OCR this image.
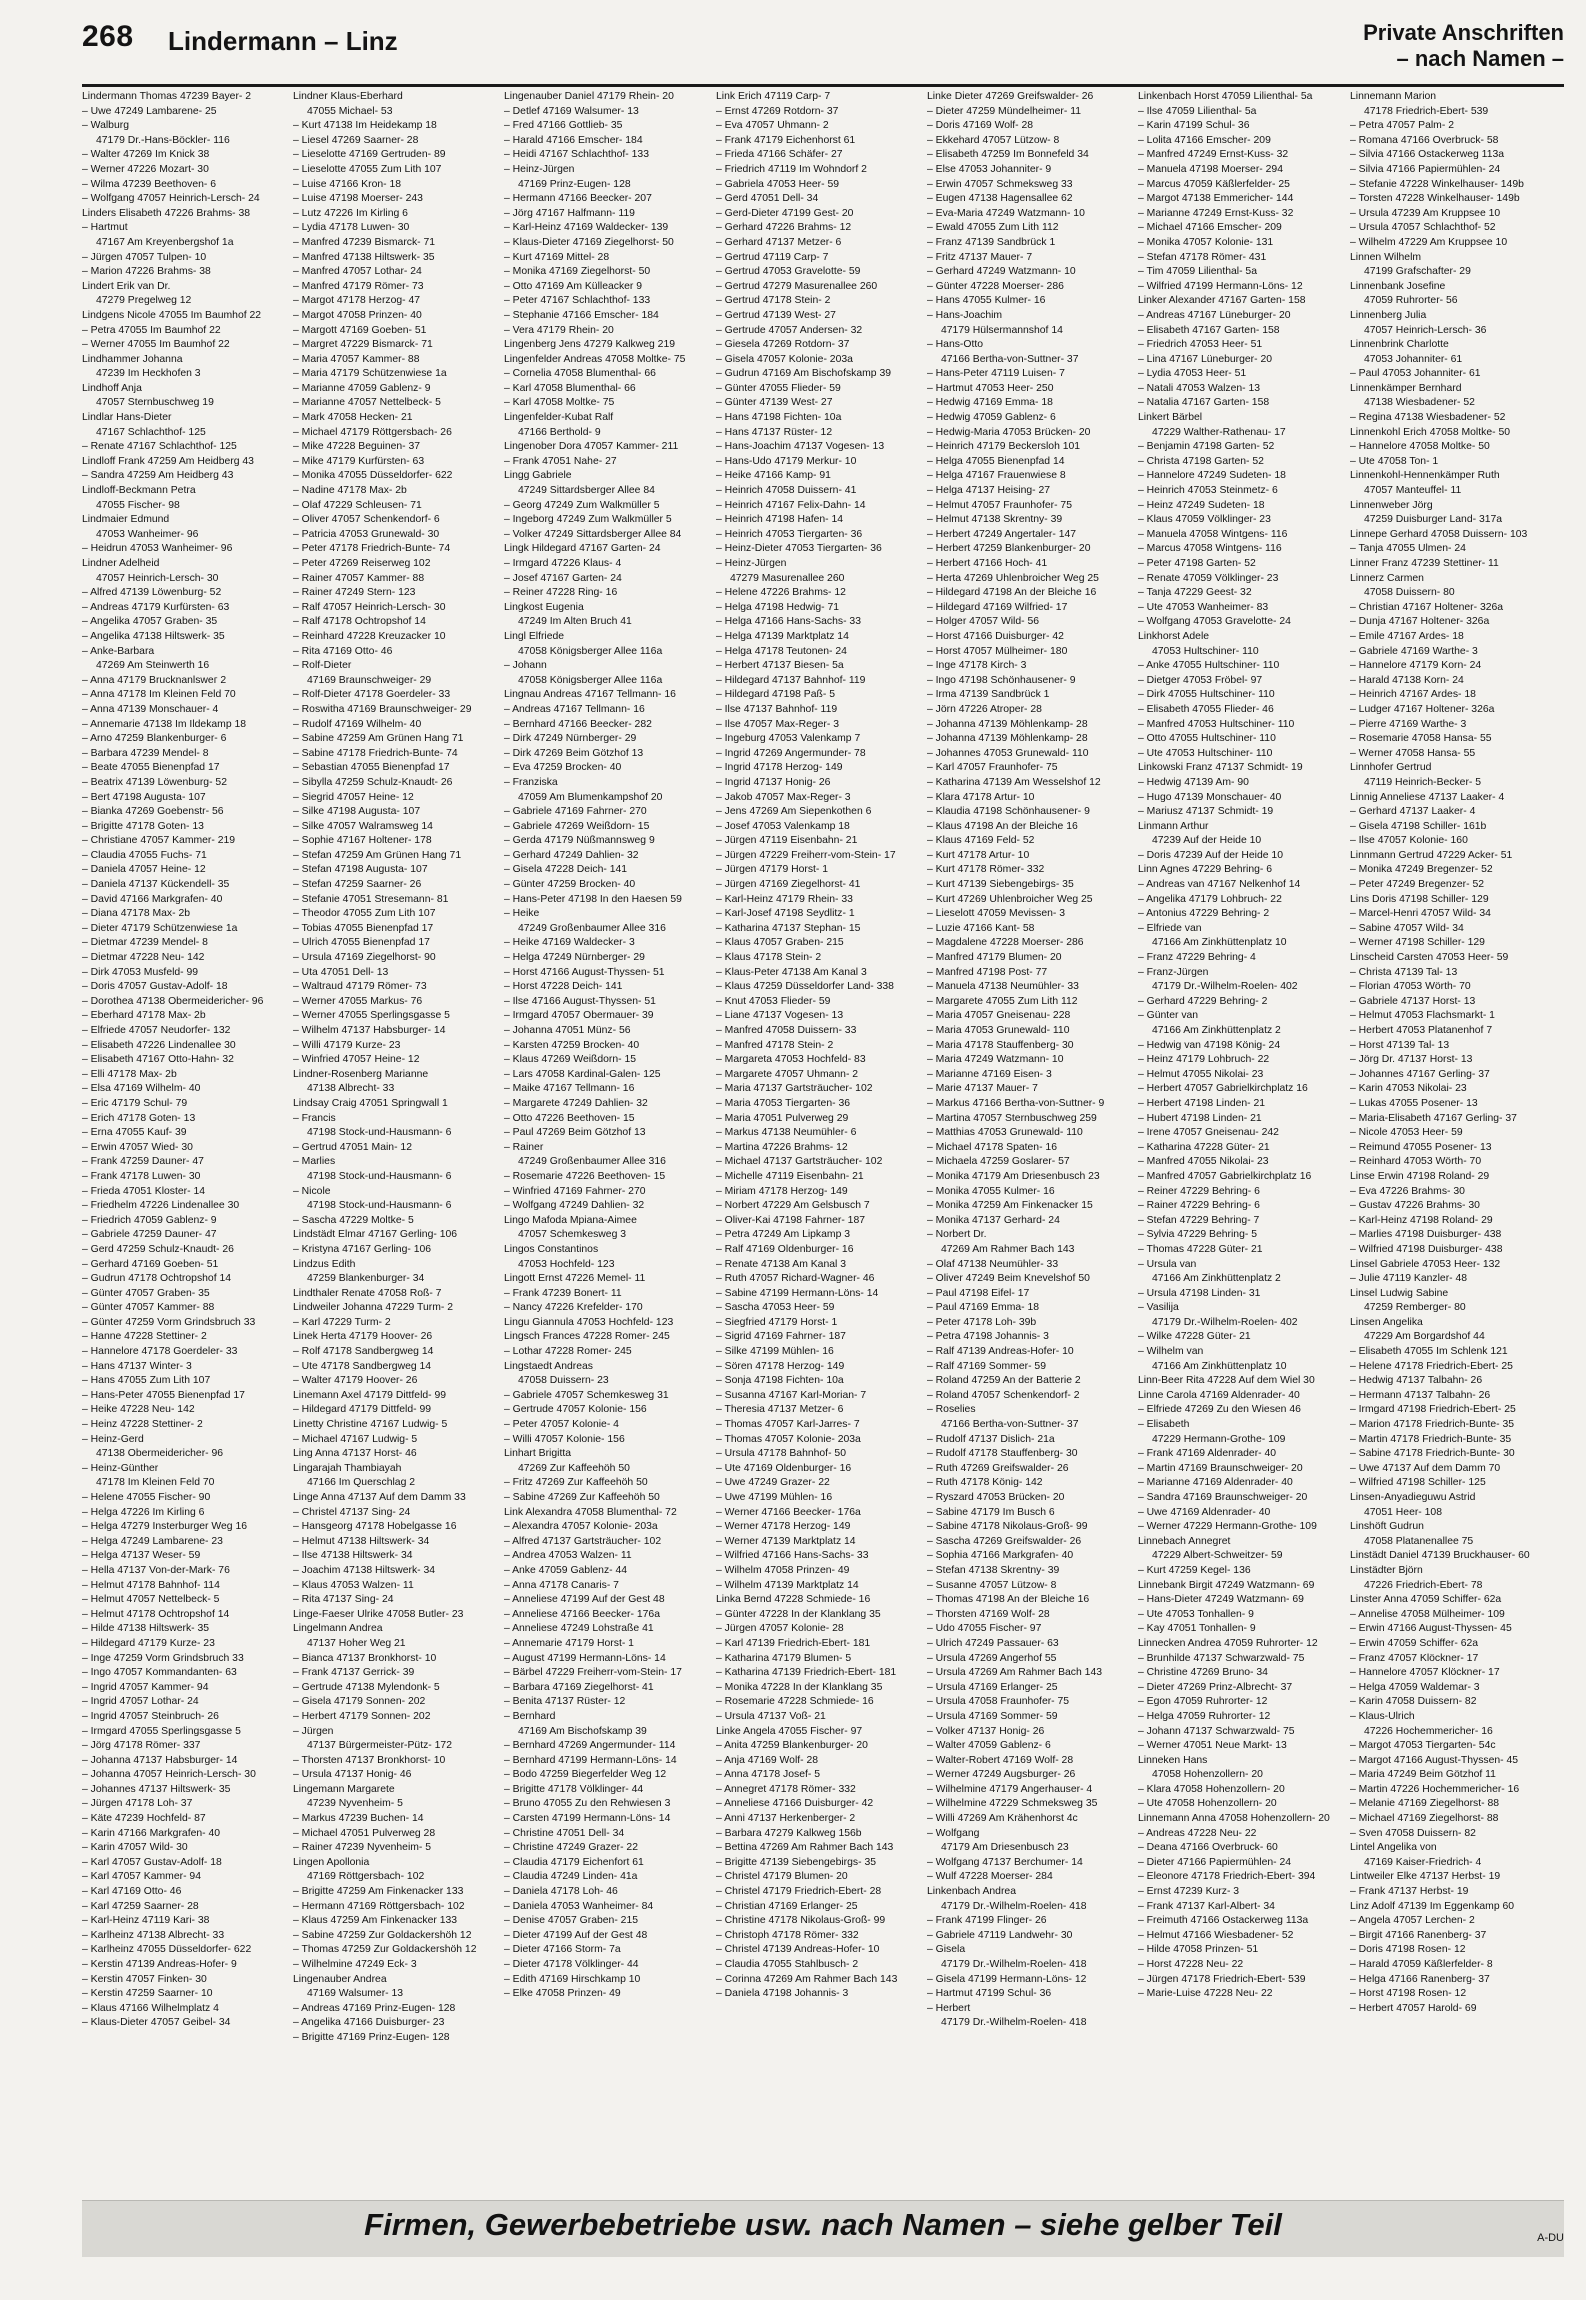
268 Lindermann – Linz	Private Anschriften
– nach Namen –
Lindermann Thomas 47239 Bayer- 2
– Uwe 47249 Lambarene- 25
– Walburg
47179 Dr.-Hans-Böckler- 116
– Walter 47269 Im Knick 38
– Werner 47226 Mozart- 30
– Wilma 47239 Beethoven- 6
– Wolfgang 47057 Heinrich-Lersch- 24
Linders Elisabeth 47226 Brahms- 38
– Hartmut
47167 Am Kreyenbergshof 1a
– Jürgen 47057 Tulpen- 10
– Marion 47226 Brahms- 38
Lindert Erik van Dr.
47279 Pregelweg 12
Lindgens Nicole 47055 Im Baumhof 22
– Petra 47055 Im Baumhof 22
– Werner 47055 Im Baumhof 22
Lindhammer Johanna
47239 Im Heckhofen 3
Lindhoff Anja
47057 Sternbuschweg 19
Lindlar Hans-Dieter
47167 Schlachthof- 125
– Renate 47167 Schlachthof- 125
Lindloff Frank 47259 Am Heidberg 43
– Sandra 47259 Am Heidberg 43
Lindloff-Beckmann Petra
47055 Fischer- 98
Lindmaier Edmund
47053 Wanheimer- 96
– Heidrun 47053 Wanheimer- 96
Lindner Adelheid
47057 Heinrich-Lersch- 30
– Alfred 47139 Löwenburg- 52
– Andreas 47179 Kurfürsten- 63
– Angelika 47057 Graben- 35
– Angelika 47138 Hiltswerk- 35
– Anke-Barbara
47269 Am Steinwerth 16
– Anna 47179 Brucknanlswег 2
– Anna 47178 Im Kleinen Feld 70
– Anna 47139 Monschauer- 4
– Annemarie 47138 Im Ildekamp 18
– Arno 47259 Blankenburger- 6
– Barbara 47239 Mendel- 8
– Beate 47055 Bienenpfad 17
– Beatrix 47139 Löwenburg- 52
– Bert 47198 Augusta- 107
– Bianka 47269 Goebenstr- 56
– Brigitte 47178 Goten- 13
– Christiane 47057 Kammer- 219
– Claudia 47055 Fuchs- 71
– Daniela 47057 Heine- 12
– Daniela 47137 Kückendell- 35
– David 47166 Markgrafen- 40
– Diana 47178 Max- 2b
– Dieter 47179 Schützenwiese 1a
– Dietmar 47239 Mendel- 8
– Dietmar 47228 Neu- 142
– Dirk 47053 Musfeld- 99
– Doris 47057 Gustav-Adolf- 18
– Dorothea 47138 Obermeidericher- 96
– Eberhard 47178 Max- 2b
– Elfriede 47057 Neudorfer- 132
– Elisabeth 47226 Lindenallee 30
– Elisabeth 47167 Otto-Hahn- 32
– Elli 47178 Max- 2b
– Elsa 47169 Wilhelm- 40
– Eric 47179 Schul- 79
– Erich 47178 Goten- 13
– Erna 47055 Kauf- 39
– Erwin 47057 Wied- 30
– Frank 47259 Dauner- 47
– Frank 47178 Luwen- 30
– Frieda 47051 Kloster- 14
– Friedhelm 47226 Lindenallee 30
– Friedrich 47059 Gablenz- 9
– Gabriele 47259 Dauner- 47
– Gerd 47259 Schulz-Knaudt- 26
– Gerhard 47169 Goeben- 51
– Gudrun 47178 Ochtropshof 14
– Günter 47057 Graben- 35
– Günter 47057 Kammer- 88
– Günter 47259 Vorm Grindsbruch 33
– Hanne 47228 Stettiner- 2
– Hannelore 47178 Goerdeler- 33
– Hans 47137 Winter- 3
– Hans 47055 Zum Lith 107
– Hans-Peter 47055 Bienenpfad 17
– Heike 47228 Neu- 142
– Heinz 47228 Stettiner- 2
– Heinz-Gerd
47138 Obermeidericher- 96
– Heinz-Günther
47178 Im Kleinen Feld 70
– Helene 47055 Fischer- 90
– Helga 47226 Im Kirling 6
– Helga 47279 Insterburger Weg 16
– Helga 47249 Lambarene- 23
– Helga 47137 Weser- 59
– Hella 47137 Von-der-Mark- 76
– Helmut 47178 Bahnhof- 114
– Helmut 47057 Nettelbeck- 5
– Helmut 47178 Ochtropshof 14
– Hilde 47138 Hiltswerk- 35
– Hildegard 47179 Kurze- 23
– Inge 47259 Vorm Grindsbruch 33
– Ingo 47057 Kommandanten- 63
– Ingrid 47057 Kammer- 94
– Ingrid 47057 Lothar- 24
– Ingrid 47057 Steinbruch- 26
– Irmgard 47055 Sperlingsgasse 5
– Jörg 47178 Römer- 337
– Johanna 47137 Habsburger- 14
– Johanna 47057 Heinrich-Lersch- 30
– Johannes 47137 Hiltswerk- 35
– Jürgen 47178 Loh- 37
– Käte 47239 Hochfeld- 87
– Karin 47166 Markgrafen- 40
– Karin 47057 Wild- 30
– Karl 47057 Gustav-Adolf- 18
– Karl 47057 Kammer- 94
– Karl 47169 Otto- 46
– Karl 47259 Saarner- 28
– Karl-Heinz 47119 Kari- 38
– Karlheinz 47138 Albrecht- 33
– Karlheinz 47055 Düsseldorfer- 622
– Kerstin 47139 Andreas-Hofer- 9
– Kerstin 47057 Finken- 30
– Kerstin 47259 Saarner- 10
– Klaus 47166 Wilhelmplatz 4
– Klaus-Dieter 47057 Geibel- 34
Lindner Klaus-Eberhard
47055 Michael- 53
– Kurt 47138 Im Heidekamp 18
– Liesel 47269 Saarner- 28
– Lieselotte 47169 Gertruden- 89
– Lieselotte 47055 Zum Lith 107
– Luise 47166 Kron- 18
– Luise 47198 Moerser- 243
– Lutz 47226 Im Kirling 6
– Lydia 47178 Luwen- 30
– Manfred 47239 Bismarck- 71
– Manfred 47138 Hiltswerk- 35
– Manfred 47057 Lothar- 24
– Manfred 47179 Römer- 73
– Margot 47178 Herzog- 47
– Margot 47058 Prinzen- 40
– Margott 47169 Goeben- 51
– Margret 47229 Bismarck- 71
– Maria 47057 Kammer- 88
– Maria 47179 Schützenwiese 1a
– Marianne 47059 Gablenz- 9
– Marianne 47057 Nettelbeck- 5
– Mark 47058 Hecken- 21
– Michael 47179 Röttgersbach- 26
– Mike 47228 Beguinen- 37
– Mike 47179 Kurfürsten- 63
– Monika 47055 Düsseldorfer- 622
– Nadine 47178 Max- 2b
– Olaf 47229 Schleusen- 71
– Oliver 47057 Schenkendorf- 6
– Patricia 47053 Grunewald- 30
– Peter 47178 Friedrich-Bunte- 74
– Peter 47269 Reiserweg 102
– Rainer 47057 Kammer- 88
– Rainer 47249 Stern- 123
– Ralf 47057 Heinrich-Lersch- 30
– Ralf 47178 Ochtropshof 14
– Reinhard 47228 Kreuzacker 10
– Rita 47169 Otto- 46
– Rolf-Dieter
47169 Braunschweiger- 29
– Rolf-Dieter 47178 Goerdeler- 33
– Roswitha 47169 Braunschweiger- 29
– Rudolf 47169 Wilhelm- 40
– Sabine 47259 Am Grünen Hang 71
– Sabine 47178 Friedrich-Bunte- 74
– Sebastian 47055 Bienenpfad 17
– Sibylla 47259 Schulz-Knaudt- 26
– Siegrid 47057 Heine- 12
– Silke 47198 Augusta- 107
– Silke 47057 Walramsweg 14
– Sophie 47167 Holtener- 178
– Stefan 47259 Am Grünen Hang 71
– Stefan 47198 Augusta- 107
– Stefan 47259 Saarner- 26
– Stefanie 47051 Stresemann- 81
– Theodor 47055 Zum Lith 107
– Tobias 47055 Bienenpfad 17
– Ulrich 47055 Bienenpfad 17
– Ursula 47169 Ziegelhorst- 90
– Uta 47051 Dell- 13
– Waltraud 47179 Römer- 73
– Werner 47055 Markus- 76
– Werner 47055 Sperlingsgasse 5
– Wilhelm 47137 Habsburger- 14
– Willi 47179 Kurze- 23
– Winfried 47057 Heine- 12
Lindner-Rosenberg Marianne
47138 Albrecht- 33
Lindsay Craig 47051 Springwall 1
– Francis
47198 Stock-und-Hausmann- 6
– Gertrud 47051 Main- 12
– Marlies
47198 Stock-und-Hausmann- 6
– Nicole
47198 Stock-und-Hausmann- 6
– Sascha 47229 Moltke- 5
Lindstädt Elmar 47167 Gerling- 106
– Kristyna 47167 Gerling- 106
Lindzus Edith
47259 Blankenburger- 34
Lindthaler Renate 47058 Roß- 7
Lindweiler Johanna 47229 Turm- 2
– Karl 47229 Turm- 2
Linek Herta 47179 Hoover- 26
– Rolf 47178 Sandbergweg 14
– Ute 47178 Sandbergweg 14
– Walter 47179 Hoover- 26
Linemann Axel 47179 Dittfeld- 99
– Hildegard 47179 Dittfeld- 99
Linetty Christine 47167 Ludwig- 5
– Michael 47167 Ludwig- 5
Ling Anna 47137 Horst- 46
Lingarajah Thambiayah
47166 Im Querschlag 2
Linge Anna 47137 Auf dem Damm 33
– Christel 47137 Sing- 24
– Hansgeorg 47178 Hobelgasse 16
– Helmut 47138 Hiltswerk- 34
– Ilse 47138 Hiltswerk- 34
– Joachim 47138 Hiltswerk- 34
– Klaus 47053 Walzen- 11
– Rita 47137 Sing- 24
Linge-Faeser Ulrike 47058 Butler- 23
Lingelmann Andrea
47137 Hoher Weg 21
– Bianca 47137 Bronkhorst- 10
– Frank 47137 Gerrick- 39
– Gertrude 47138 Mylendonk- 5
– Gisela 47179 Sonnen- 202
– Herbert 47179 Sonnen- 202
– Jürgen
47137 Bürgermeister-Pütz- 172
– Thorsten 47137 Bronkhorst- 10
– Ursula 47137 Honig- 46
Lingemann Margarete
47239 Nyvenheim- 5
– Markus 47239 Buchen- 14
– Michael 47051 Pulverweg 28
– Rainer 47239 Nyvenheim- 5
Lingen Apollonia
47169 Röttgersbach- 102
– Brigitte 47259 Am Finkenacker 133
– Hermann 47169 Röttgersbach- 102
– Klaus 47259 Am Finkenacker 133
– Sabine 47259 Zur Goldackershöh 12
– Thomas 47259 Zur Goldackershöh 12
– Wilhelmine 47249 Eck- 3
Lingenauber Andrea
47169 Walsumer- 13
– Andreas 47169 Prinz-Eugen- 128
– Angelika 47166 Duisburger- 23
– Brigitte 47169 Prinz-Eugen- 128
Lingenauber Daniel 47179 Rhein- 20
– Detlef 47169 Walsumer- 13
– Fred 47166 Gottlieb- 35
– Harald 47166 Emscher- 184
– Heidi 47167 Schlachthof- 133
– Heinz-Jürgen
47169 Prinz-Eugen- 128
– Hermann 47166 Beecker- 207
– Jörg 47167 Halfmann- 119
– Karl-Heinz 47169 Waldecker- 139
– Klaus-Dieter 47169 Ziegelhorst- 50
– Kurt 47169 Mittel- 28
– Monika 47169 Ziegelhorst- 50
– Otto 47169 Am Külleacker 9
– Peter 47167 Schlachthof- 133
– Stephanie 47166 Emscher- 184
– Vera 47179 Rhein- 20
Lingenberg Jens 47279 Kalkweg 219
Lingenfelder Andreas 47058 Moltke- 75
– Cornelia 47058 Blumenthal- 66
– Karl 47058 Blumenthal- 66
– Karl 47058 Moltke- 75
Lingenfelder-Kubat Ralf
47166 Berthold- 9
Lingenober Dora 47057 Kammer- 211
– Frank 47051 Nahe- 27
Lingg Gabriele
47249 Sittardsberger Allee 84
– Georg 47249 Zum Walkmüller 5
– Ingeborg 47249 Zum Walkmüller 5
– Volker 47249 Sittardsberger Allee 84
Lingk Hildegard 47167 Garten- 24
– Irmgard 47226 Klaus- 4
– Josef 47167 Garten- 24
– Reiner 47228 Ring- 16
Lingkost Eugenia
47249 Im Alten Bruch 41
Lingl Elfriede
47058 Königsberger Allee 116a
– Johann
47058 Königsberger Allee 116a
Lingnau Andreas 47167 Tellmann- 16
– Andreas 47167 Tellmann- 16
– Bernhard 47166 Beecker- 282
– Dirk 47249 Nürnberger- 29
– Dirk 47269 Beim Götzhof 13
– Eva 47259 Brocken- 40
– Franziska
47059 Am Blumenkampshof 20
– Gabriele 47169 Fahrner- 270
– Gabriele 47269 Weißdorn- 15
– Gerda 47179 Nüßmannsweg 9
– Gerhard 47249 Dahlien- 32
– Gisela 47228 Deich- 141
– Günter 47259 Brocken- 40
– Hans-Peter 47198 In den Haesen 59
– Heike
47249 Großenbaumer Allee 316
– Heike 47169 Waldecker- 3
– Helga 47249 Nürnberger- 29
– Horst 47166 August-Thyssen- 51
– Horst 47228 Deich- 141
– Ilse 47166 August-Thyssen- 51
– Irmgard 47057 Obermauer- 39
– Johanna 47051 Münz- 56
– Karsten 47259 Brocken- 40
– Klaus 47269 Weißdorn- 15
– Lars 47058 Kardinal-Galen- 125
– Maike 47167 Tellmann- 16
– Margarete 47249 Dahlien- 32
– Otto 47226 Beethoven- 15
– Paul 47269 Beim Götzhof 13
– Rainer
47249 Großenbaumer Allee 316
– Rosemarie 47226 Beethoven- 15
– Winfried 47169 Fahrner- 270
– Wolfgang 47249 Dahlien- 32
Lingo Mafoda Mpiana-Aimee
47057 Schemkesweg 3
Lingos Constantinos
47053 Hochfeld- 123
Lingott Ernst 47226 Memel- 11
– Frank 47239 Bonert- 11
– Nancy 47226 Krefelder- 170
Lingu Giannula 47053 Hochfeld- 123
Lingsch Frances 47228 Romer- 245
– Lothar 47228 Romer- 245
Lingstaedt Andreas
47058 Duissern- 23
– Gabriele 47057 Schemkesweg 31
– Gertrude 47057 Kolonie- 156
– Peter 47057 Kolonie- 4
– Willi 47057 Kolonie- 156
Linhart Brigitta
47269 Zur Kaffeehöh 50
– Fritz 47269 Zur Kaffeehöh 50
– Sabine 47269 Zur Kaffeehöh 50
Link Alexandra 47058 Blumenthal- 72
– Alexandra 47057 Kolonie- 203a
– Alfred 47137 Gartsträucher- 102
– Andrea 47053 Walzen- 11
– Anke 47059 Gablenz- 44
– Anna 47178 Canaris- 7
– Anneliese 47199 Auf der Gest 48
– Anneliese 47166 Beecker- 176a
– Anneliese 47249 Lohstraße 41
– Annemarie 47179 Horst- 1
– August 47199 Hermann-Löns- 14
– Bärbel 47229 Freiherr-vom-Stein- 17
– Barbara 47169 Ziegelhorst- 41
– Benita 47137 Rüster- 12
– Bernhard
47169 Am Bischofskamp 39
– Bernhard 47269 Angermunder- 114
– Bernhard 47199 Hermann-Löns- 14
– Bodo 47259 Biegerfelder Weg 12
– Brigitte 47178 Völklinger- 44
– Bruno 47055 Zu den Rehwiesen 3
– Carsten 47199 Hermann-Löns- 14
– Christine 47051 Dell- 34
– Christine 47249 Grazer- 22
– Claudia 47179 Eichenfort 61
– Claudia 47249 Linden- 41a
– Daniela 47178 Loh- 46
– Daniela 47053 Wanheimer- 84
– Denise 47057 Graben- 215
– Dieter 47199 Auf der Gest 48
– Dieter 47166 Storm- 7a
– Dieter 47178 Völklinger- 44
– Edith 47169 Hirschkamp 10
– Elke 47058 Prinzen- 49
Link Erich 47119 Carp- 7
– Ernst 47269 Rotdorn- 37
– Eva 47057 Uhmann- 2
– Frank 47179 Eichenhorst 61
– Frieda 47166 Schäfer- 27
– Friedrich 47119 Im Wohndorf 2
– Gabriela 47053 Heer- 59
– Gerd 47051 Dell- 34
– Gerd-Dieter 47199 Gest- 20
– Gerhard 47226 Brahms- 12
– Gerhard 47137 Metzer- 6
– Gertrud 47119 Carp- 7
– Gertrud 47053 Gravelotte- 59
– Gertrud 47279 Masurenallee 260
– Gertrud 47178 Stein- 2
– Gertrud 47139 West- 27
– Gertrude 47057 Andersen- 32
– Giesela 47269 Rotdorn- 37
– Gisela 47057 Kolonie- 203a
– Gudrun 47169 Am Bischofskamp 39
– Günter 47055 Flieder- 59
– Günter 47139 West- 27
– Hans 47198 Fichten- 10a
– Hans 47137 Rüster- 12
– Hans-Joachim 47137 Vogesen- 13
– Hans-Udo 47179 Merkur- 10
– Heike 47166 Kamp- 91
– Heinrich 47058 Duissern- 41
– Heinrich 47167 Felix-Dahn- 14
– Heinrich 47198 Hafen- 14
– Heinrich 47053 Tiergarten- 36
– Heinz-Dieter 47053 Tiergarten- 36
– Heinz-Jürgen
47279 Masurenallee 260
– Helene 47226 Brahms- 12
– Helga 47198 Hedwig- 71
– Helga 47166 Hans-Sachs- 33
– Helga 47139 Marktplatz 14
– Helga 47178 Teutonen- 24
– Herbert 47137 Biesen- 5a
– Hildegard 47137 Bahnhof- 119
– Hildegard 47198 Paß- 5
– Ilse 47137 Bahnhof- 119
– Ilse 47057 Max-Reger- 3
– Ingeburg 47053 Valenkamp 7
– Ingrid 47269 Angermunder- 78
– Ingrid 47178 Herzog- 149
– Ingrid 47137 Honig- 26
– Jakob 47057 Max-Reger- 3
– Jens 47269 Am Siepenkothen 6
– Josef 47053 Valenkamp 18
– Jürgen 47119 Eisenbahn- 21
– Jürgen 47229 Freiherr-vom-Stein- 17
– Jürgen 47179 Horst- 1
– Jürgen 47169 Ziegelhorst- 41
– Karl-Heinz 47179 Rhein- 33
– Karl-Josef 47198 Seydlitz- 1
– Katharina 47137 Stephan- 15
– Klaus 47057 Graben- 215
– Klaus 47178 Stein- 2
– Klaus-Peter 47138 Am Kanal 3
– Klaus 47259 Düsseldorfer Land- 338
– Knut 47053 Flieder- 59
– Liane 47137 Vogesen- 13
– Manfred 47058 Duissern- 33
– Manfred 47178 Stein- 2
– Margareta 47053 Hochfeld- 83
– Margarete 47057 Uhmann- 2
– Maria 47137 Gartsträucher- 102
– Maria 47053 Tiergarten- 36
– Maria 47051 Pulverweg 29
– Markus 47138 Neumühler- 6
– Martina 47226 Brahms- 12
– Michael 47137 Gartsträucher- 102
– Michelle 47119 Eisenbahn- 21
– Miriam 47178 Herzog- 149
– Norbert 47229 Am Gelsbusch 7
– Oliver-Kai 47198 Fahrner- 187
– Petra 47249 Am Lipkamp 3
– Ralf 47169 Oldenburger- 16
– Renate 47138 Am Kanal 3
– Ruth 47057 Richard-Wagner- 46
– Sabine 47199 Hermann-Löns- 14
– Sascha 47053 Heer- 59
– Siegfried 47179 Horst- 1
– Sigrid 47169 Fahrner- 187
– Silke 47199 Mühlen- 16
– Sören 47178 Herzog- 149
– Sonja 47198 Fichten- 10a
– Susanna 47167 Karl-Morian- 7
– Theresia 47137 Metzer- 6
– Thomas 47057 Karl-Jarres- 7
– Thomas 47057 Kolonie- 203a
– Ursula 47178 Bahnhof- 50
– Ute 47169 Oldenburger- 16
– Uwe 47249 Grazer- 22
– Uwe 47199 Mühlen- 16
– Werner 47166 Beecker- 176a
– Werner 47178 Herzog- 149
– Werner 47139 Marktplatz 14
– Wilfried 47166 Hans-Sachs- 33
– Wilhelm 47058 Prinzen- 49
– Wilhelm 47139 Marktplatz 14
Linka Bernd 47228 Schmiede- 16
– Günter 47228 In der Klanklang 35
– Jürgen 47057 Kolonie- 28
– Karl 47139 Friedrich-Ebert- 181
– Katharina 47179 Blumen- 5
– Katharina 47139 Friedrich-Ebert- 181
– Monika 47228 In der Klanklang 35
– Rosemarie 47228 Schmiede- 16
– Ursula 47137 Voß- 21
Linke Angela 47055 Fischer- 97
– Anita 47259 Blankenburger- 20
– Anja 47169 Wolf- 28
– Anna 47178 Josef- 5
– Annegret 47178 Römer- 332
– Anneliese 47166 Duisburger- 42
– Anni 47137 Herkenberger- 2
– Barbara 47279 Kalkweg 156b
– Bettina 47269 Am Rahmer Bach 143
– Brigitte 47139 Siebengebirgs- 35
– Christel 47179 Blumen- 20
– Christel 47179 Friedrich-Ebert- 28
– Christian 47169 Erlanger- 25
– Christine 47178 Nikolaus-Groß- 99
– Christoph 47178 Römer- 332
– Christel 47139 Andreas-Hofer- 10
– Claudia 47055 Stahlbusch- 2
– Corinna 47269 Am Rahmer Bach 143
– Daniela 47198 Johannis- 3
Linke Dieter 47269 Greifswalder- 26
– Dieter 47259 Mündelheimer- 11
– Doris 47169 Wolf- 28
– Ekkehard 47057 Lützow- 8
– Elisabeth 47259 Im Bonnefeld 34
– Else 47053 Johanniter- 9
– Erwin 47057 Schmeksweg 33
– Eugen 47138 Hagensallee 62
– Eva-Maria 47249 Watzmann- 10
– Ewald 47055 Zum Lith 112
– Franz 47139 Sandbrück 1
– Fritz 47137 Mauer- 7
– Gerhard 47249 Watzmann- 10
– Günter 47228 Moerser- 286
– Hans 47055 Kulmer- 16
– Hans-Joachim
47179 Hülsermannshof 14
– Hans-Otto
47166 Bertha-von-Suttner- 37
– Hans-Peter 47119 Luisen- 7
– Hartmut 47053 Heer- 250
– Hedwig 47169 Emma- 18
– Hedwig 47059 Gablenz- 6
– Hedwig-Maria 47053 Brücken- 20
– Heinrich 47179 Beckersloh 101
– Helga 47055 Bienenpfad 14
– Helga 47167 Frauenwiese 8
– Helga 47137 Heising- 27
– Helmut 47057 Fraunhofer- 75
– Helmut 47138 Skrentny- 39
– Herbert 47249 Angertaler- 147
– Herbert 47259 Blankenburger- 20
– Herbert 47166 Hoch- 41
– Herta 47269 Uhlenbroicher Weg 25
– Hildegard 47198 An der Bleiche 16
– Hildegard 47169 Wilfried- 17
– Holger 47057 Wild- 56
– Horst 47166 Duisburger- 42
– Horst 47057 Mülheimer- 180
– Inge 47178 Kirch- 3
– Ingo 47198 Schönhausener- 9
– Irma 47139 Sandbrück 1
– Jörn 47226 Atroper- 28
– Johanna 47139 Möhlenkamp- 28
– Johanna 47139 Möhlenkamp- 28
– Johannes 47053 Grunewald- 110
– Karl 47057 Fraunhofer- 75
– Katharina 47139 Am Wesselshof 12
– Klara 47178 Artur- 10
– Klaudia 47198 Schönhausener- 9
– Klaus 47198 An der Bleiche 16
– Klaus 47169 Feld- 52
– Kurt 47178 Artur- 10
– Kurt 47178 Römer- 332
– Kurt 47139 Siebengebirgs- 35
– Kurt 47269 Uhlenbroicher Weg 25
– Lieselott 47059 Mevissen- 3
– Luzie 47166 Kant- 58
– Magdalene 47228 Moerser- 286
– Manfred 47179 Blumen- 20
– Manfred 47198 Post- 77
– Manuela 47138 Neumühler- 33
– Margarete 47055 Zum Lith 112
– Maria 47057 Gneisenau- 228
– Maria 47053 Grunewald- 110
– Maria 47178 Stauffenberg- 30
– Maria 47249 Watzmann- 10
– Marianne 47169 Eisen- 3
– Marie 47137 Mauer- 7
– Markus 47166 Bertha-von-Suttner- 9
– Martina 47057 Sternbuschweg 259
– Matthias 47053 Grunewald- 110
– Michael 47178 Spaten- 16
– Michaela 47259 Goslarer- 57
– Monika 47179 Am Driesenbusch 23
– Monika 47055 Kulmer- 16
– Monika 47259 Am Finkenacker 15
– Monika 47137 Gerhard- 24
– Norbert Dr.
47269 Am Rahmer Bach 143
– Olaf 47138 Neumühler- 33
– Oliver 47249 Beim Knevelshof 50
– Paul 47198 Eifel- 17
– Paul 47169 Emma- 18
– Peter 47178 Loh- 39b
– Petra 47198 Johannis- 3
– Ralf 47139 Andreas-Hofer- 10
– Ralf 47169 Sommer- 59
– Roland 47259 An der Batterie 2
– Roland 47057 Schenkendorf- 2
– Roselies
47166 Bertha-von-Suttner- 37
– Rudolf 47137 Dislich- 21a
– Rudolf 47178 Stauffenberg- 30
– Ruth 47269 Greifswalder- 26
– Ruth 47178 König- 142
– Ryszard 47053 Brücken- 20
– Sabine 47179 Im Busch 6
– Sabine 47178 Nikolaus-Groß- 99
– Sascha 47269 Greifswalder- 26
– Sophia 47166 Markgrafen- 40
– Stefan 47138 Skrentny- 39
– Susanne 47057 Lützow- 8
– Thomas 47198 An der Bleiche 16
– Thorsten 47169 Wolf- 28
– Udo 47055 Fischer- 97
– Ulrich 47249 Passauer- 63
– Ursula 47269 Angerhof 55
– Ursula 47269 Am Rahmer Bach 143
– Ursula 47169 Erlanger- 25
– Ursula 47058 Fraunhofer- 75
– Ursula 47169 Sommer- 59
– Volker 47137 Honig- 26
– Walter 47059 Gablenz- 6
– Walter-Robert 47169 Wolf- 28
– Werner 47249 Augsburger- 26
– Wilhelmine 47179 Angerhauser- 4
– Wilhelmine 47229 Schmeksweg 35
– Willi 47269 Am Krähenhorst 4c
– Wolfgang
47179 Am Driesenbusch 23
– Wolfgang 47137 Berchumer- 14
– Wulf 47228 Moerser- 284
Linkenbach Andrea
47179 Dr.-Wilhelm-Roelen- 418
– Frank 47199 Flinger- 26
– Gabriele 47119 Landwehr- 30
– Gisela
47179 Dr.-Wilhelm-Roelen- 418
– Gisela 47199 Hermann-Löns- 12
– Hartmut 47199 Schul- 36
– Herbert
47179 Dr.-Wilhelm-Roelen- 418
Linkenbach Horst 47059 Lilienthal- 5a
– Ilse 47059 Lilienthal- 5a
– Karin 47199 Schul- 36
– Lolita 47166 Emscher- 209
– Manfred 47249 Ernst-Kuss- 32
– Manuela 47198 Moerser- 294
– Marcus 47059 Käßlerfelder- 25
– Margot 47138 Emmericher- 144
– Marianne 47249 Ernst-Kuss- 32
– Michael 47166 Emscher- 209
– Monika 47057 Kolonie- 131
– Stefan 47178 Römer- 431
– Tim 47059 Lilienthal- 5a
– Wilfried 47199 Hermann-Löns- 12
Linker Alexander 47167 Garten- 158
– Andreas 47167 Lüneburger- 20
– Elisabeth 47167 Garten- 158
– Friedrich 47053 Heer- 51
– Lina 47167 Lüneburger- 20
– Lydia 47053 Heer- 51
– Natali 47053 Walzen- 13
– Natalia 47167 Garten- 158
Linkert Bärbel
47229 Walther-Rathenau- 17
– Benjamin 47198 Garten- 52
– Christa 47198 Garten- 52
– Hannelore 47249 Sudeten- 18
– Heinrich 47053 Steinmetz- 6
– Heinz 47249 Sudeten- 18
– Klaus 47059 Völklinger- 23
– Manuela 47058 Wintgens- 116
– Marcus 47058 Wintgens- 116
– Peter 47198 Garten- 52
– Renate 47059 Völklinger- 23
– Tanja 47229 Geest- 32
– Ute 47053 Wanheimer- 83
– Wolfgang 47053 Gravelotte- 24
Linkhorst Adele
47053 Hultschiner- 110
– Anke 47055 Hultschiner- 110
– Dietger 47053 Fröbel- 97
– Dirk 47055 Hultschiner- 110
– Elisabeth 47055 Flieder- 46
– Manfred 47053 Hultschiner- 110
– Otto 47055 Hultschiner- 110
– Ute 47053 Hultschiner- 110
Linkowski Franz 47137 Schmidt- 19
– Hedwig 47139 Am- 90
– Hugo 47139 Monschauer- 40
– Mariusz 47137 Schmidt- 19
Linmann Arthur
47239 Auf der Heide 10
– Doris 47239 Auf der Heide 10
Linn Agnes 47229 Behring- 6
– Andreas van 47167 Nelkenhof 14
– Angelika 47179 Lohbruch- 22
– Antonius 47229 Behring- 2
– Elfriede van
47166 Am Zinkhüttenplatz 10
– Franz 47229 Behring- 4
– Franz-Jürgen
47179 Dr.-Wilhelm-Roelen- 402
– Gerhard 47229 Behring- 2
– Günter van
47166 Am Zinkhüttenplatz 2
– Hedwig van 47198 König- 24
– Heinz 47179 Lohbruch- 22
– Helmut 47055 Nikolai- 23
– Herbert 47057 Gabrielkirchplatz 16
– Herbert 47198 Linden- 21
– Hubert 47198 Linden- 21
– Irene 47057 Gneisenau- 242
– Katharina 47228 Güter- 21
– Manfred 47055 Nikolai- 23
– Manfred 47057 Gabrielkirchplatz 16
– Reiner 47229 Behring- 6
– Rainer 47229 Behring- 6
– Stefan 47229 Behring- 7
– Sylvia 47229 Behring- 5
– Thomas 47228 Güter- 21
– Ursula van
47166 Am Zinkhüttenplatz 2
– Ursula 47198 Linden- 31
– Vasilija
47179 Dr.-Wilhelm-Roelen- 402
– Wilke 47228 Güter- 21
– Wilhelm van
47166 Am Zinkhüttenplatz 10
Linn-Beer Rita 47228 Auf dem Wiel 30
Linne Carola 47169 Aldenrader- 40
– Elfriede 47269 Zu den Wiesen 46
– Elisabeth
47229 Hermann-Grothe- 109
– Frank 47169 Aldenrader- 40
– Martin 47169 Braunschweiger- 20
– Marianne 47169 Aldenrader- 40
– Sandra 47169 Braunschweiger- 20
– Uwe 47169 Aldenrader- 40
– Werner 47229 Hermann-Grothe- 109
Linnebach Annegret
47229 Albert-Schweitzer- 59
– Kurt 47259 Kegel- 136
Linnebank Birgit 47249 Watzmann- 69
– Hans-Dieter 47249 Watzmann- 69
– Ute 47053 Tonhallen- 9
– Kay 47051 Tonhallen- 9
Linnecken Andrea 47059 Ruhrorter- 12
– Brunhilde 47137 Schwarzwald- 75
– Christine 47269 Bruno- 34
– Dieter 47269 Prinz-Albrecht- 37
– Egon 47059 Ruhrorter- 12
– Helga 47059 Ruhrorter- 12
– Johann 47137 Schwarzwald- 75
– Werner 47051 Neue Markt- 13
Linneken Hans
47058 Hohenzollern- 20
– Klara 47058 Hohenzollern- 20
– Ute 47058 Hohenzollern- 20
Linnemann Anna 47058 Hohenzollern- 20
– Andreas 47228 Neu- 22
– Deana 47166 Overbruck- 60
– Dieter 47166 Papiermühlen- 24
– Eleonore 47178 Friedrich-Ebert- 394
– Ernst 47239 Kurz- 3
– Frank 47137 Karl-Albert- 34
– Freimuth 47166 Ostackerweg 113a
– Helmut 47166 Wiesbadener- 52
– Hilde 47058 Prinzen- 51
– Horst 47228 Neu- 22
– Jürgen 47178 Friedrich-Ebert- 539
– Marie-Luise 47228 Neu- 22
Linnemann Marion
47178 Friedrich-Ebert- 539
– Petra 47057 Palm- 2
– Romana 47166 Overbruck- 58
– Silvia 47166 Ostackerweg 113a
– Silvia 47166 Papiermühlen- 24
– Stefanie 47228 Winkelhauser- 149b
– Torsten 47228 Winkelhauser- 149b
– Ursula 47239 Am Kruppsee 10
– Ursula 47057 Schlachthof- 52
– Wilhelm 47229 Am Kruppsee 10
Linnen Wilhelm
47199 Grafschafter- 29
Linnenbank Josefine
47059 Ruhrorter- 56
Linnenberg Julia
47057 Heinrich-Lersch- 36
Linnenbrink Charlotte
47053 Johanniter- 61
– Paul 47053 Johanniter- 61
Linnenkämper Bernhard
47138 Wiesbadener- 52
– Regina 47138 Wiesbadener- 52
Linnenkohl Erich 47058 Moltke- 50
– Hannelore 47058 Moltke- 50
– Ute 47058 Ton- 1
Linnenkohl-Hennenkämper Ruth
47057 Manteuffel- 11
Linnenweber Jörg
47259 Duisburger Land- 317a
Linnepe Gerhard 47058 Duissern- 103
– Tanja 47055 Ulmen- 24
Linner Franz 47239 Stettiner- 11
Linnerz Carmen
47058 Duissern- 80
– Christian 47167 Holtener- 326a
– Dunja 47167 Holtener- 326a
– Emile 47167 Ardes- 18
– Gabriele 47169 Warthe- 3
– Hannelore 47179 Korn- 24
– Harald 47138 Korn- 24
– Heinrich 47167 Ardes- 18
– Ludger 47167 Holtener- 326a
– Pierre 47169 Warthe- 3
– Rosemarie 47058 Hansa- 55
– Werner 47058 Hansa- 55
Linnhofer Gertrud
47119 Heinrich-Becker- 5
Linnig Anneliese 47137 Laaker- 4
– Gerhard 47137 Laaker- 4
– Gisela 47198 Schiller- 161b
– Ilse 47057 Kolonie- 160
Linnmann Gertrud 47229 Acker- 51
– Monika 47249 Bregenzer- 52
– Peter 47249 Bregenzer- 52
Lins Doris 47198 Schiller- 129
– Marcel-Henri 47057 Wild- 34
– Sabine 47057 Wild- 34
– Werner 47198 Schiller- 129
Linscheid Carsten 47053 Heer- 59
– Christa 47139 Tal- 13
– Florian 47053 Wörth- 70
– Gabriele 47137 Horst- 13
– Helmut 47053 Flachsmarkt- 1
– Herbert 47053 Platanenhof 7
– Horst 47139 Tal- 13
– Jörg Dr. 47137 Horst- 13
– Johannes 47167 Gerling- 37
– Karin 47053 Nikolai- 23
– Lukas 47055 Posener- 13
– Maria-Elisabeth 47167 Gerling- 37
– Nicole 47053 Heer- 59
– Reimund 47055 Posener- 13
– Reinhard 47053 Wörth- 70
Linse Erwin 47198 Roland- 29
– Eva 47226 Brahms- 30
– Gustav 47226 Brahms- 30
– Karl-Heinz 47198 Roland- 29
– Marlies 47198 Duisburger- 438
– Wilfried 47198 Duisburger- 438
Linsel Gabriele 47053 Heer- 132
– Julie 47119 Kanzler- 48
Linsel Ludwig Sabine
47259 Remberger- 80
Linsen Angelika
47229 Am Borgardshof 44
– Elisabeth 47055 Im Schlenk 121
– Helene 47178 Friedrich-Ebert- 25
– Hedwig 47137 Talbahn- 26
– Hermann 47137 Talbahn- 26
– Irmgard 47198 Friedrich-Ebert- 25
– Marion 47178 Friedrich-Bunte- 35
– Martin 47178 Friedrich-Bunte- 35
– Sabine 47178 Friedrich-Bunte- 30
– Uwe 47137 Auf dem Damm 70
– Wilfried 47198 Schiller- 125
Linsen-Anyadieguwu Astrid
47051 Heer- 108
Linshöft Gudrun
47058 Platanenallee 75
Linstädt Daniel 47139 Bruckhauser- 60
Linstädter Björn
47226 Friedrich-Ebert- 78
Linster Anna 47059 Schiffer- 62a
– Annelise 47058 Mülheimer- 109
– Erwin 47166 August-Thyssen- 45
– Erwin 47059 Schiffer- 62a
– Franz 47057 Klöckner- 17
– Hannelore 47057 Klöckner- 17
– Helga 47059 Waldemar- 3
– Karin 47058 Duissern- 82
– Klaus-Ulrich
47226 Hochemmericher- 16
– Margot 47053 Tiergarten- 54c
– Margot 47166 August-Thyssen- 45
– Maria 47249 Beim Götzhof 11
– Martin 47226 Hochemmericher- 16
– Melanie 47169 Ziegelhorst- 88
– Michael 47169 Ziegelhorst- 88
– Sven 47058 Duissern- 82
Lintel Angelika von
47169 Kaiser-Friedrich- 4
Lintweiler Elke 47137 Herbst- 19
– Frank 47137 Herbst- 19
Linz Adolf 47139 Im Eggenkamp 60
– Angela 47057 Lerchen- 2
– Birgit 47166 Ranenberg- 37
– Doris 47198 Rosen- 12
– Harald 47059 Käßlerfelder- 8
– Helga 47166 Ranenberg- 37
– Horst 47198 Rosen- 12
– Herbert 47057 Harold- 69
Firmen, Gewerbebetriebe usw. nach Namen – siehe gelber Teil	A-DU
